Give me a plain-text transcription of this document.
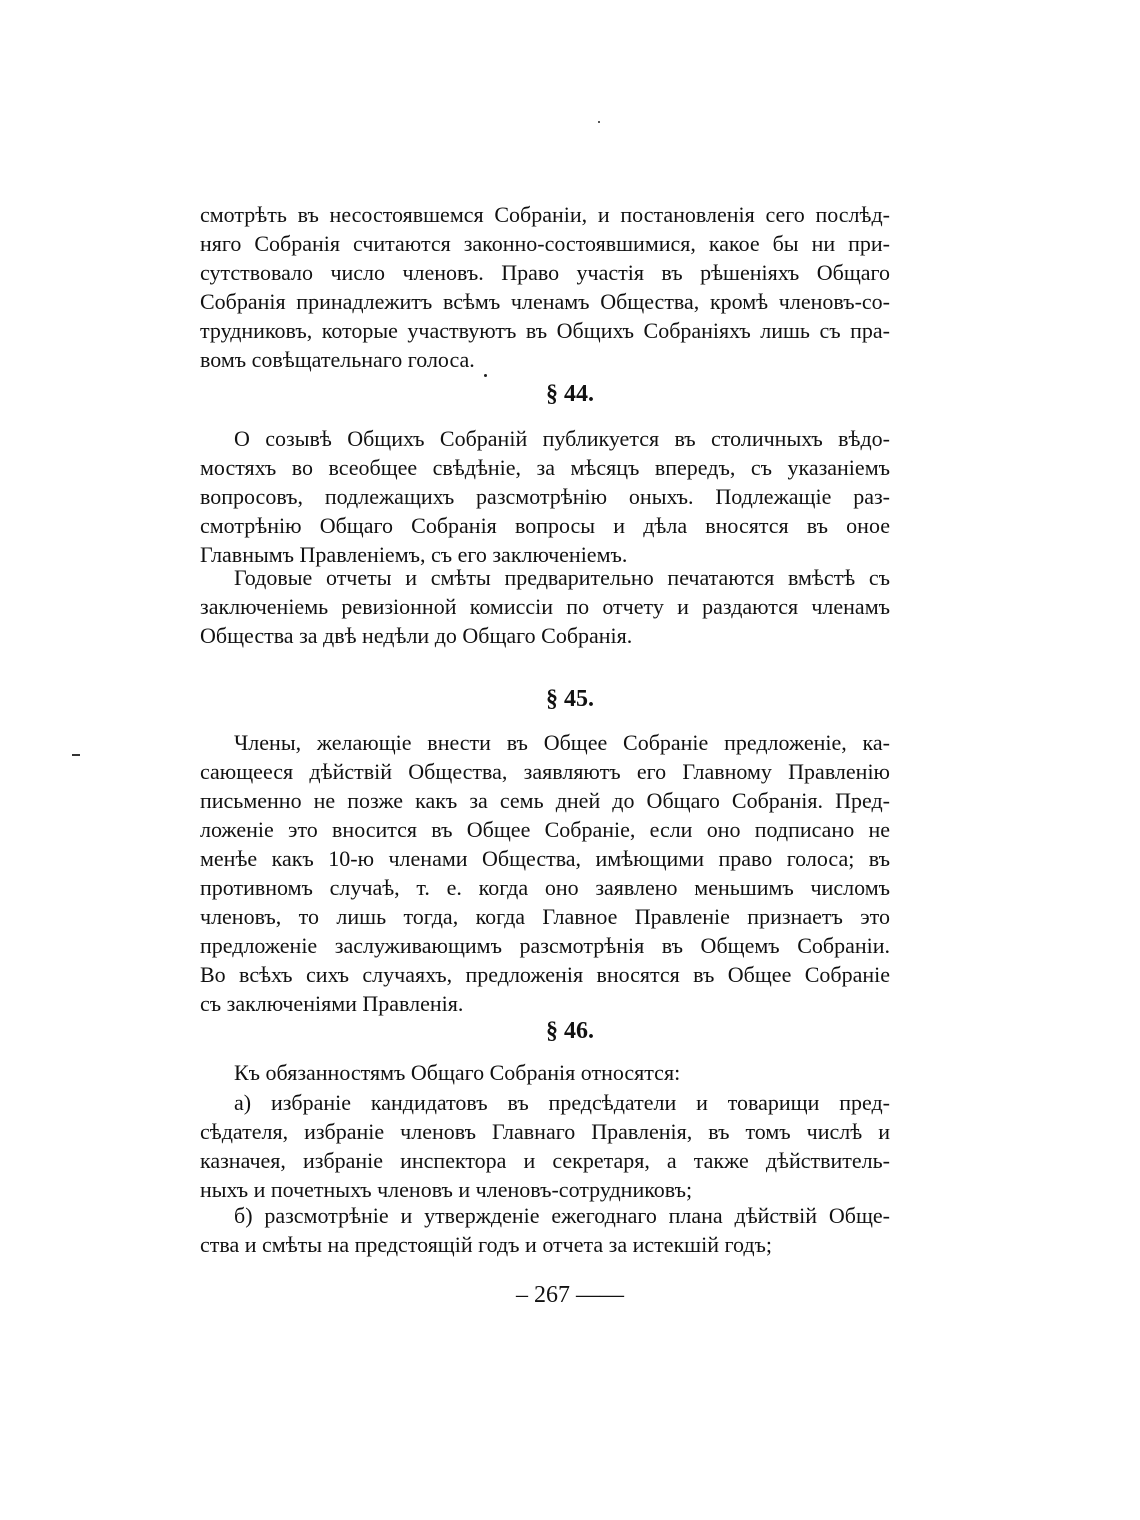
смотрѣть въ несостоявшемся Собраніи, и постановленія сего послѣд-
няго Собранія считаются законно-состоявшимися, какое бы ни при-
сутствовало число членовъ. Право участія въ рѣшеніяхъ Общаго
Собранія принадлежитъ всѣмъ членамъ Общества, кромѣ членовъ-со-
трудниковъ, которые участвуютъ въ Общихъ Собраніяхъ лишь съ пра-
вомъ совѣщательнаго голоса.
§ 44.
О созывѣ Общихъ Собраній публикуется въ столичныхъ вѣдо-
мостяхъ во всеобщее свѣдѣніе, за мѣсяцъ впередъ, съ указаніемъ
вопросовъ, подлежащихъ разсмотрѣнію оныхъ. Подлежащіе раз-
смотрѣнію Общаго Собранія вопросы и дѣла вносятся въ оное
Главнымъ Правленіемъ, съ его заключеніемъ.
Годовые отчеты и смѣты предварительно печатаются вмѣстѣ съ
заключеніемь ревизіонной комиссіи по отчету и раздаются членамъ
Общества за двѣ недѣли до Общаго Собранія.
§ 45.
Члены, желающіе внести въ Общее Собраніе предложеніе, ка-
сающееся дѣйствій Общества, заявляютъ его Главному Правленію
письменно не позже какъ за семь дней до Общаго Собранія. Пред-
ложеніе это вносится въ Общее Собраніе, если оно подписано не
менѣе какъ 10-ю членами Общества, имѣющими право голоса; въ
противномъ случаѣ, т. е. когда оно заявлено меньшимъ числомъ
членовъ, то лишь тогда, когда Главное Правленіе признаетъ это
предложеніе заслуживающимъ разсмотрѣнія въ Общемъ Собраніи.
Во всѣхъ сихъ случаяхъ, предложенія вносятся въ Общее Собраніе
съ заключеніями Правленія.
§ 46.
Къ обязанностямъ Общаго Собранія относятся:
а) избраніе кандидатовъ въ предсѣдатели и товарищи пред-
сѣдателя, избраніе членовъ Главнаго Правленія, въ томъ числѣ и
казначея, избраніе инспектора и секретаря, а также дѣйствитель-
ныхъ и почетныхъ членовъ и членовъ-сотрудниковъ;
б) разсмотрѣніе и утвержденіе ежегоднаго плана дѣйствій Обще-
ства и смѣты на предстоящій годъ и отчета за истекшій годъ;
– 267 ——
